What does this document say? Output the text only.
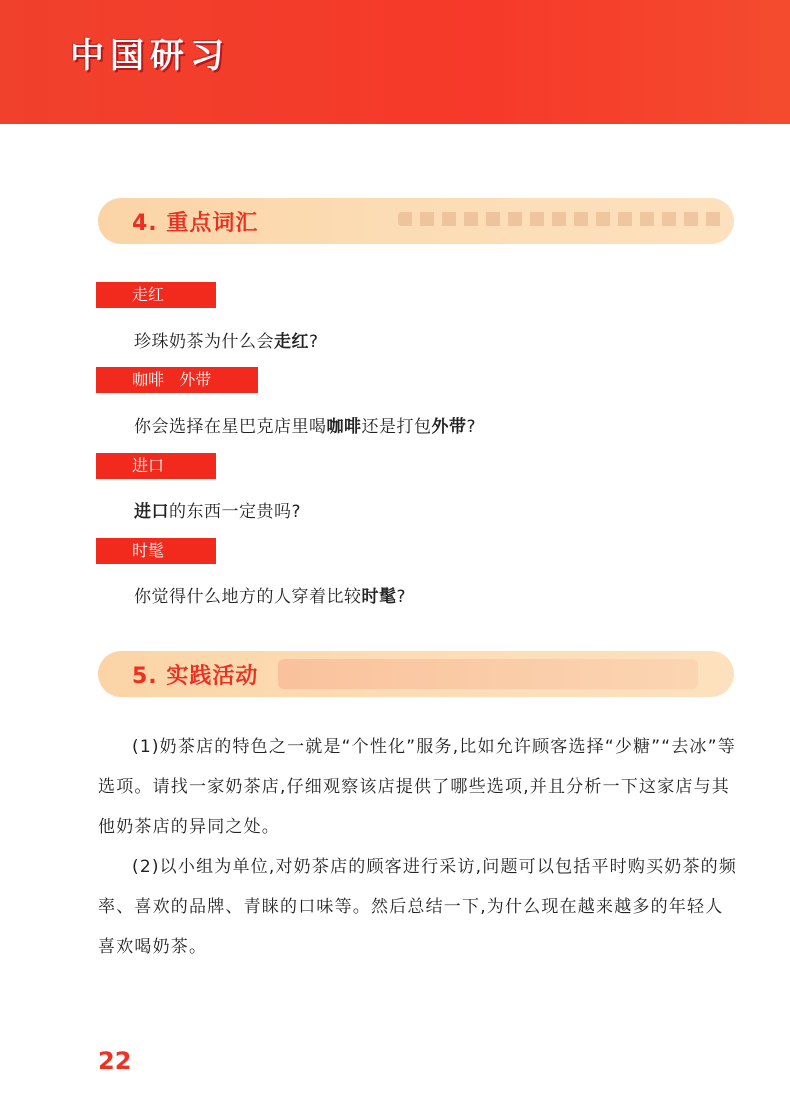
中国研习
4. 重点词汇
走红
珍珠奶茶为什么会走红?
咖啡   外带
你会选择在星巴克店里喝咖啡还是打包外带?
进口
进口的东西一定贵吗?
时髦
你觉得什么地方的人穿着比较时髦?
5. 实践活动

(1)奶茶店的特色之一就是“个性化”服务,比如允许顾客选择“少糖”“去冰”等选项。请找一家奶茶店,仔细观察该店提供了哪些选项,并且分析一下这家店与其他奶茶店的异同之处。

(2)以小组为单位,对奶茶店的顾客进行采访,问题可以包括平时购买奶茶的频率、喜欢的品牌、青睐的口味等。然后总结一下,为什么现在越来越多的年轻人喜欢喝奶茶。

22
